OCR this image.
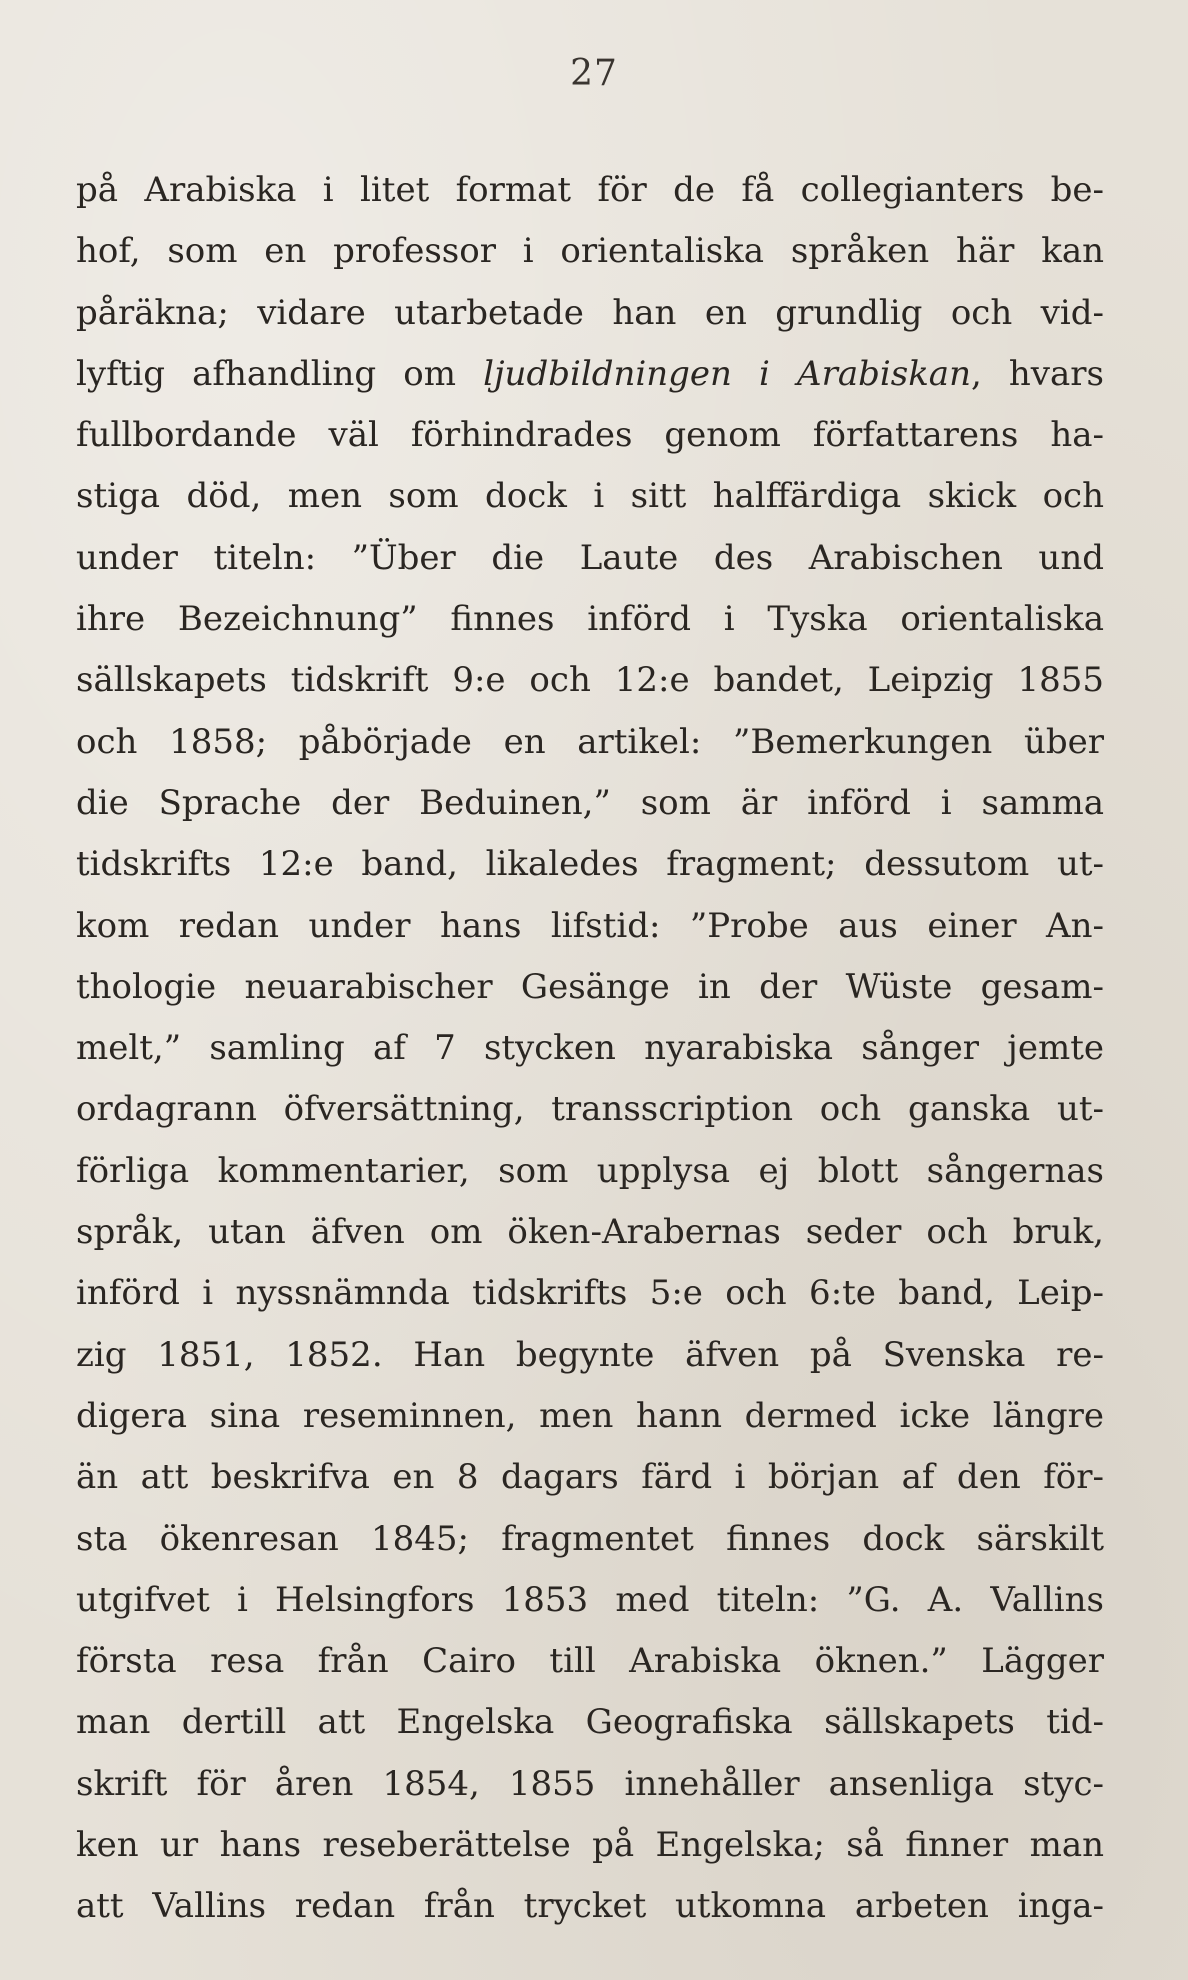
27
på Arabiska i litet format för de få collegianters be-
hof, som en professor i orientaliska språken här kan
påräkna; vidare utarbetade han en grundlig och vid-
lyftig afhandling om ljudbildningen i Arabiskan, hvars
fullbordande väl förhindrades genom författarens ha-
stiga död, men som dock i sitt halffärdiga skick och
under titeln: ”Über die Laute des Arabischen und
ihre Bezeichnung” finnes införd i Tyska orientaliska
sällskapets tidskrift 9:e och 12:e bandet, Leipzig 1855
och 1858; påbörjade en artikel: ”Bemerkungen über
die Sprache der Beduinen,” som är införd i samma
tidskrifts 12:e band, likaledes fragment; dessutom ut-
kom redan under hans lifstid: ”Probe aus einer An-
thologie neuarabischer Gesänge in der Wüste gesam-
melt,” samling af 7 stycken nyarabiska sånger jemte
ordagrann öfversättning, transscription och ganska ut-
förliga kommentarier, som upplysa ej blott sångernas
språk, utan äfven om öken-Arabernas seder och bruk,
införd i nyssnämnda tidskrifts 5:e och 6:te band, Leip-
zig 1851, 1852. Han begynte äfven på Svenska re-
digera sina reseminnen, men hann dermed icke längre
än att beskrifva en 8 dagars färd i början af den för-
sta ökenresan 1845; fragmentet finnes dock särskilt
utgifvet i Helsingfors 1853 med titeln: ”G. A. Vallins
första resa från Cairo till Arabiska öknen.” Lägger
man dertill att Engelska Geografiska sällskapets tid-
skrift för åren 1854, 1855 innehåller ansenliga styc-
ken ur hans reseberättelse på Engelska; så finner man
att Vallins redan från trycket utkomna arbeten inga-
